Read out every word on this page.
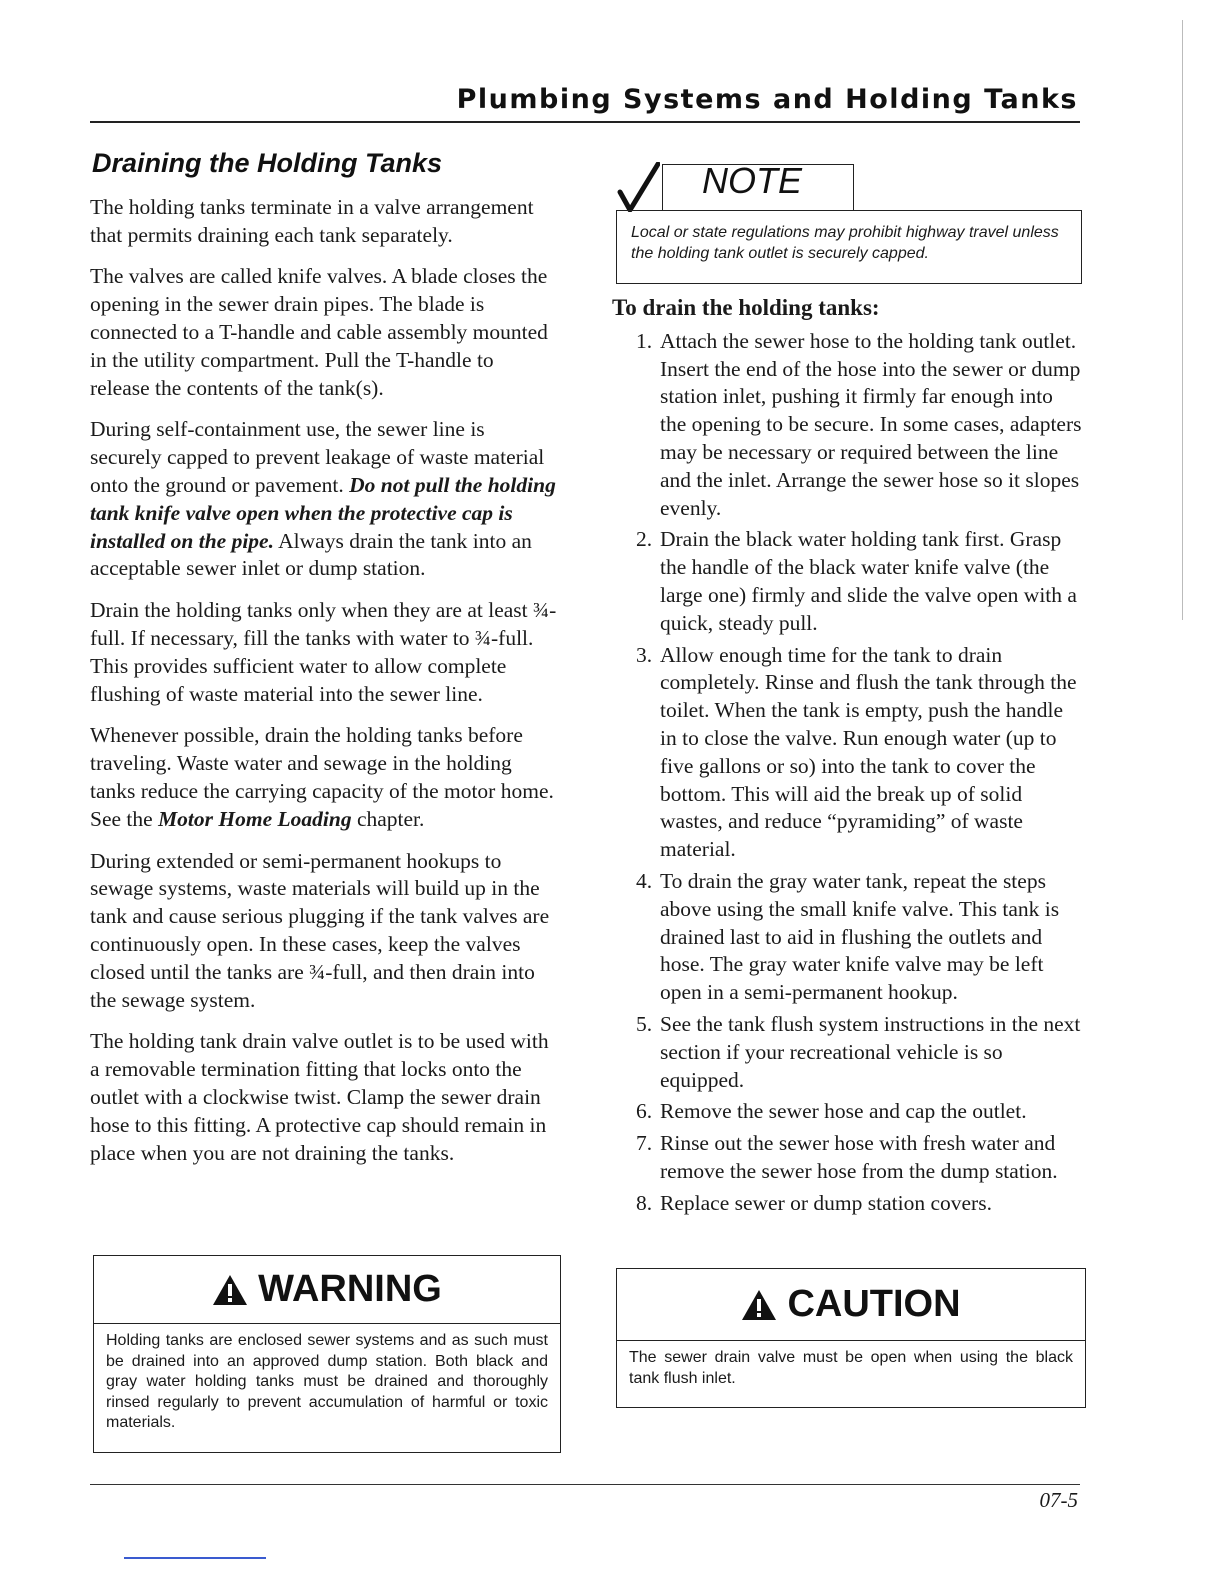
Plumbing Systems and Holding Tanks
Draining the Holding Tanks

The holding tanks terminate in a valve arrangement that permits draining each tank separately.

The valves are called knife valves. A blade closes the opening in the sewer drain pipes. The blade is connected to a T-handle and cable assembly mounted in the utility compartment. Pull the T-handle to release the contents of the tank(s).

During self-containment use, the sewer line is securely capped to prevent leakage of waste material onto the ground or pavement. Do not pull the holding tank knife valve open when the protective cap is installed on the pipe. Always drain the tank into an acceptable sewer inlet or dump station.

Drain the holding tanks only when they are at least ¾-full. If necessary, fill the tanks with water to ¾-full. This provides sufficient water to allow complete flushing of waste material into the sewer line.

Whenever possible, drain the holding tanks before traveling. Waste water and sewage in the holding tanks reduce the carrying capacity of the motor home. See the Motor Home Loading chapter.

During extended or semi-permanent hookups to sewage systems, waste materials will build up in the tank and cause serious plugging if the tank valves are continuously open. In these cases, keep the valves closed until the tanks are ¾-full, and then drain into the sewage system.

The holding tank drain valve outlet is to be used with a removable termination fitting that locks onto the outlet with a clockwise twist. Clamp the sewer drain hose to this fitting. A protective cap should remain in place when you are not draining the tanks.

WARNING
Holding tanks are enclosed sewer systems and as such must be drained into an approved dump station. Both black and gray water holding tanks must be drained and thoroughly rinsed regularly to prevent accumulation of harmful or toxic materials.
NOTE
Local or state regulations may prohibit highway travel unless the holding tank outlet is securely capped.
To drain the holding tanks:
1. Attach the sewer hose to the holding tank outlet. Insert the end of the hose into the sewer or dump station inlet, pushing it firmly far enough into the opening to be secure. In some cases, adapters may be necessary or required between the line and the inlet. Arrange the sewer hose so it slopes evenly.
2. Drain the black water holding tank first. Grasp the handle of the black water knife valve (the large one) firmly and slide the valve open with a quick, steady pull.
3. Allow enough time for the tank to drain completely. Rinse and flush the tank through the toilet. When the tank is empty, push the handle in to close the valve. Run enough water (up to five gallons or so) into the tank to cover the bottom. This will aid the break up of solid wastes, and reduce “pyramiding” of waste material.
4. To drain the gray water tank, repeat the steps above using the small knife valve. This tank is drained last to aid in flushing the outlets and hose. The gray water knife valve may be left open in a semi-permanent hookup.
5. See the tank flush system instructions in the next section if your recreational vehicle is so equipped.
6. Remove the sewer hose and cap the outlet.
7. Rinse out the sewer hose with fresh water and remove the sewer hose from the dump station.
8. Replace sewer or dump station covers.
CAUTION
The sewer drain valve must be open when using the black tank flush inlet.
07-5
